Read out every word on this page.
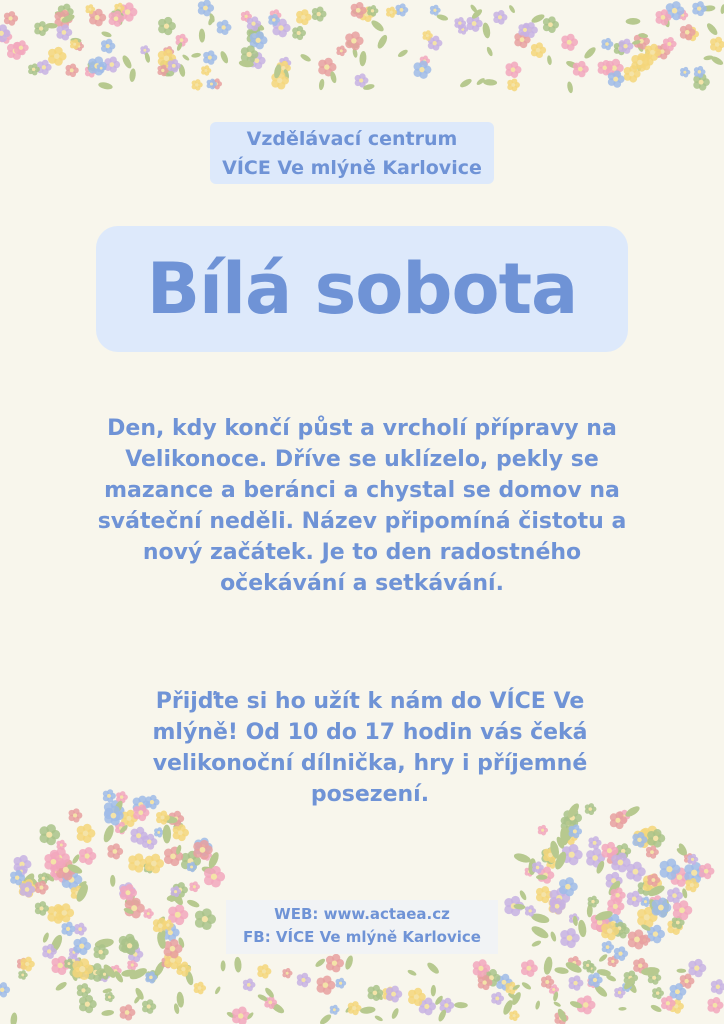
Vzdělávací centrum
VÍCE Ve mlýně Karlovice
Bílá sobota

Den, kdy končí půst a vrcholí přípravy na Velikonoce. Dříve se uklízelo, pekly se mazance a beránci a chystal se domov na sváteční neděli. Název připomíná čistotu a nový začátek. Je to den radostného očekávání a setkávání.

Přijďte si ho užít k nám do VÍCE Ve mlýně! Od 10 do 17 hodin vás čeká velikonoční dílnička, hry i příjemné posezení.

WEB: www.actaea.cz
FB: VÍCE Ve mlýně Karlovice
